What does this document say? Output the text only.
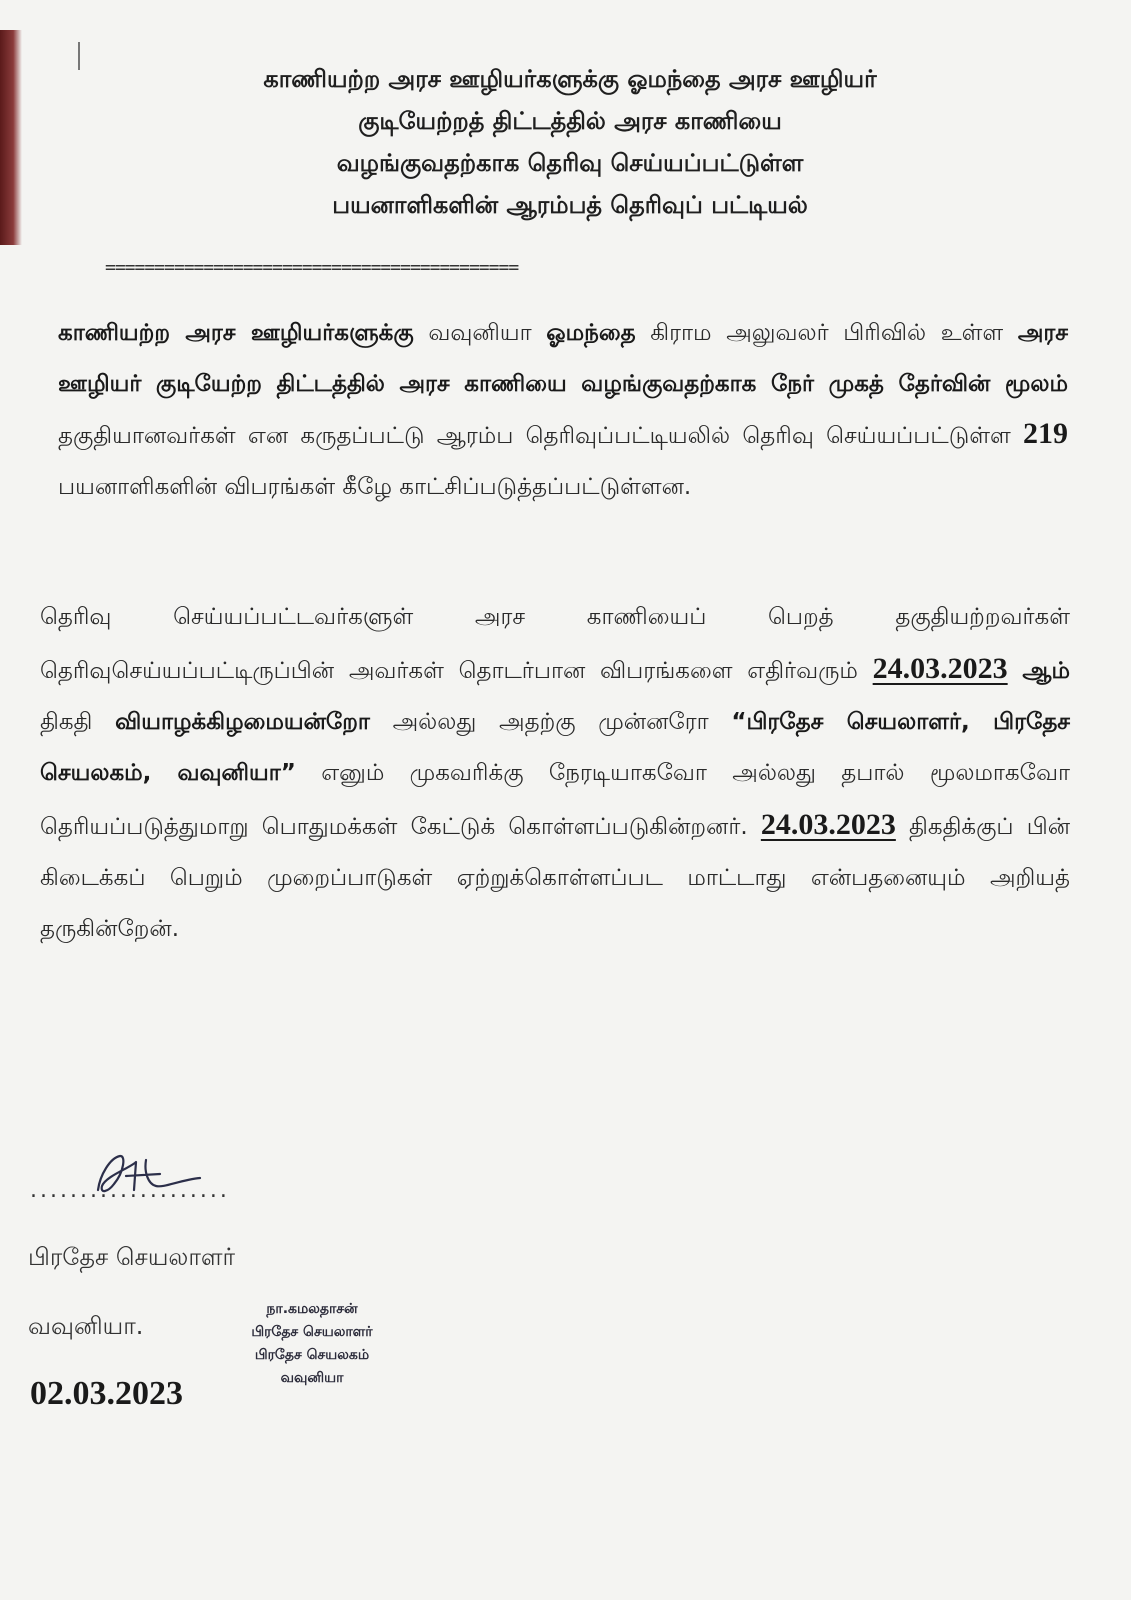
காணியற்ற அரச ஊழியர்களுக்கு ஓமந்தை அரச ஊழியர்
குடியேற்றத் திட்டத்தில் அரச காணியை
வழங்குவதற்காக தெரிவு செய்யப்பட்டுள்ள
பயனாளிகளின் ஆரம்பத் தெரிவுப் பட்டியல்
==========================================
காணியற்ற அரச ஊழியர்களுக்கு வவுனியா ஓமந்தை கிராம அலுவலர் பிரிவில் உள்ள அரச ஊழியர் குடியேற்ற திட்டத்தில் அரச காணியை வழங்குவதற்காக நேர் முகத் தேர்வின் மூலம் தகுதியானவர்கள் என கருதப்பட்டு ஆரம்ப தெரிவுப்பட்டியலில் தெரிவு செய்யப்பட்டுள்ள 219 பயனாளிகளின் விபரங்கள் கீழே காட்சிப்படுத்தப்பட்டுள்ளன.
தெரிவு செய்யப்பட்டவர்களுள் அரச காணியைப் பெறத் தகுதியற்றவர்கள் தெரிவுசெய்யப்பட்டிருப்பின் அவர்கள் தொடர்பான விபரங்களை எதிர்வரும் 24.03.2023 ஆம் திகதி வியாழக்கிழமையன்றோ அல்லது அதற்கு முன்னரோ “பிரதேச செயலாளர், பிரதேச செயலகம், வவுனியா” எனும் முகவரிக்கு நேரடியாகவோ அல்லது தபால் மூலமாகவோ தெரியப்படுத்துமாறு பொதுமக்கள் கேட்டுக் கொள்ளப்படுகின்றனர். 24.03.2023 திகதிக்குப் பின் கிடைக்கப் பெறும் முறைப்பாடுகள் ஏற்றுக்கொள்ளப்பட மாட்டாது என்பதனையும் அறியத் தருகின்றேன்.
....................
பிரதேச செயலாளர்
வவுனியா.
02.03.2023
நா.கமலதாசன்
பிரதேச செயலாளர்
பிரதேச செயலகம்
வவுனியா
